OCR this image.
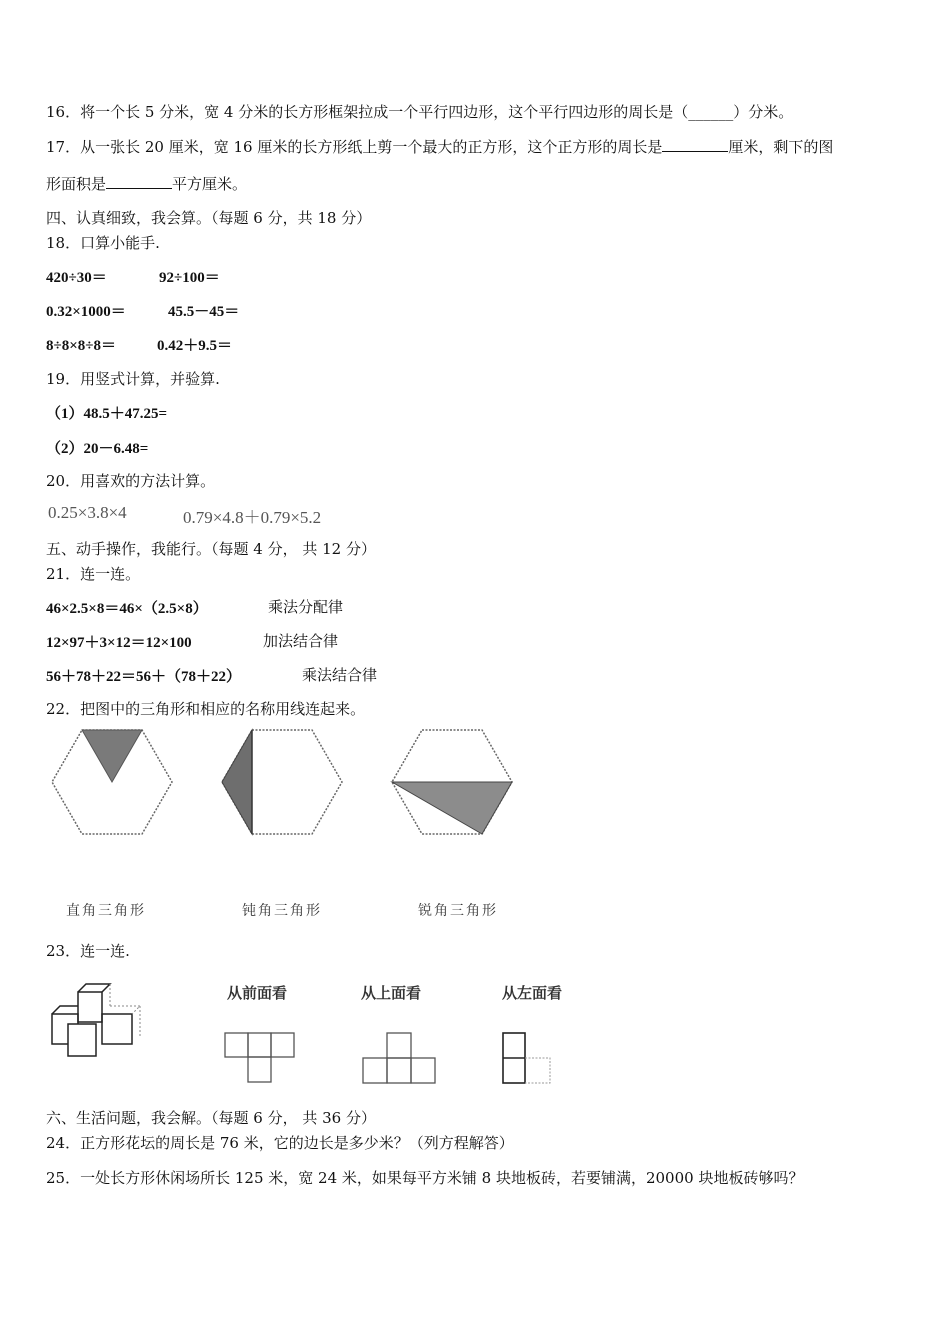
16．将一个长 5 分米，宽 4 分米的长方形框架拉成一个平行四边形，这个平行四边形的周长是（______）分米。
17．从一张长 20 厘米，宽 16 厘米的长方形纸上剪一个最大的正方形，这个正方形的周长是	厘米，剩下的图
形面积是	平方厘米。
四、认真细致，我会算。（每题 6 分，共 18 分）
18．口算小能手.
420÷30＝	92÷100＝
0.32×1000＝	45.5－45＝
8÷8×8÷8＝	0.42＋9.5＝
19．用竖式计算，并验算.
（1）48.5＋47.25=
（2）20－6.48=
20．用喜欢的方法计算。
0.25×3.8×4	0.79×4.8＋0.79×5.2
五、动手操作，我能行。（每题 4 分， 共 12 分）
21．连一连。
46×2.5×8＝46×（2.5×8）	乘法分配律
12×97＋3×12＝12×100	加法结合律
56＋78＋22＝56＋（78＋22）	乘法结合律
22．把图中的三角形和相应的名称用线连起来。
直角三角形	钝角三角形	锐角三角形
23．连一连.
从前面看	从上面看	从左面看
六、生活问题，我会解。（每题 6 分， 共 36 分）
24．正方形花坛的周长是 76 米，它的边长是多少米？（列方程解答）
25．一处长方形休闲场所长 125 米，宽 24 米，如果每平方米铺 8 块地板砖，若要铺满，20000 块地板砖够吗？
